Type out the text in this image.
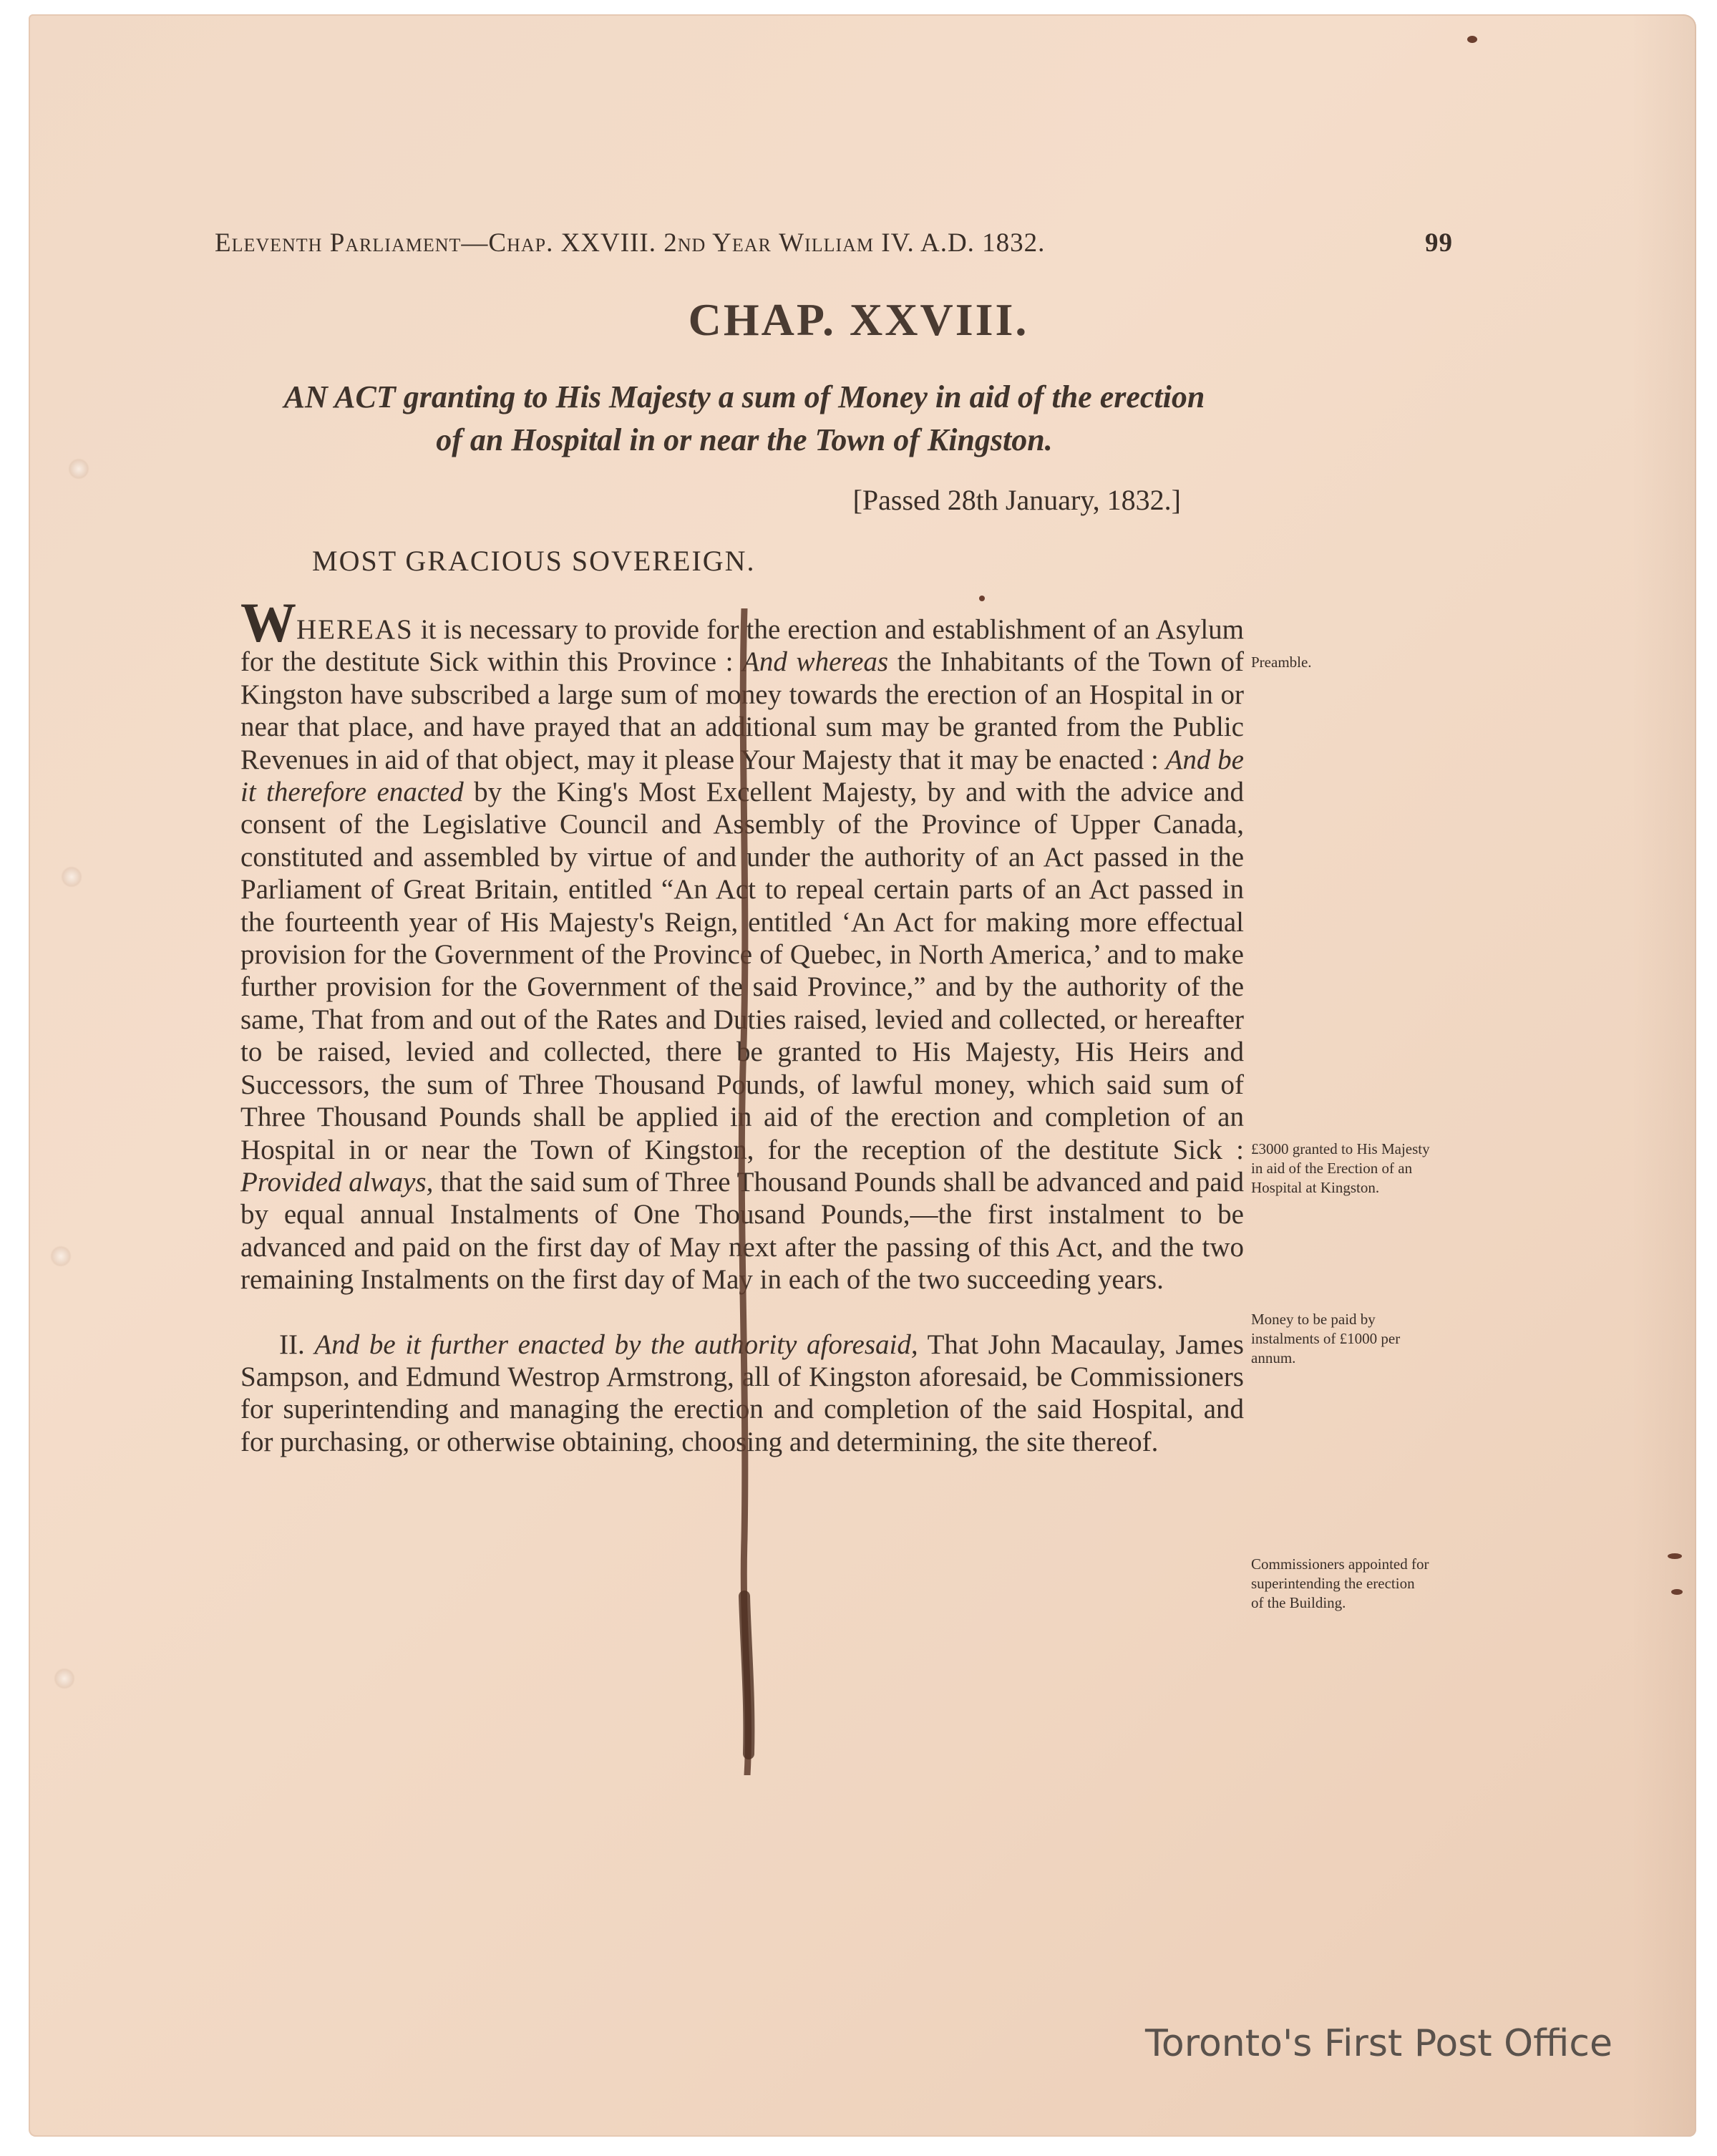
Eleventh Parliament—Chap. XXVIII. 2nd Year William IV. A.D. 1832.	99
CHAP. XXVIII.
AN ACT granting to His Majesty a sum of Money in aid of the erection
of an Hospital in or near the Town of Kingston.
[Passed 28th January, 1832.]
MOST GRACIOUS SOVEREIGN.

WHEREAS it is necessary to provide for the erection and establishment of an Asylum for the destitute Sick within this Province : And whereas the Inhabitants of the Town of Kingston have subscribed a large sum of money towards the erection of an Hospital in or near that place, and have prayed that an additional sum may be granted from the Public Revenues in aid of that object, may it please Your Majesty that it may be enacted : And be it therefore enacted by the King's Most Excellent Majesty, by and with the advice and consent of the Legislative Council and Assembly of the Province of Upper Canada, constituted and assembled by virtue of and under the authority of an Act passed in the Parliament of Great Britain, entitled “An Act to repeal certain parts of an Act passed in the fourteenth year of His Majesty's Reign, entitled ‘An Act for making more effectual provision for the Government of the Province of Quebec, in North America,’ and to make further provision for the Government of the said Province,” and by the authority of the same, That from and out of the Rates and Duties raised, levied and collected, or hereafter to be raised, levied and collected, there be granted to His Majesty, His Heirs and Successors, the sum of Three Thousand Pounds, of lawful money, which said sum of Three Thousand Pounds shall be applied in aid of the erection and completion of an Hospital in or near the Town of Kingston, for the reception of the destitute Sick : Provided always, that the said sum of Three Thousand Pounds shall be advanced and paid by equal annual Instalments of One Thousand Pounds,—the first instalment to be advanced and paid on the first day of May next after the passing of this Act, and the two remaining Instalments on the first day of May in each of the two succeeding years.

II. And be it further enacted by the authority aforesaid, That John Macaulay, James Sampson, and Edmund Westrop Armstrong, all of Kingston aforesaid, be Commissioners for superintending and managing the erection and completion of the said Hospital, and for purchasing, or otherwise obtaining, choosing and determining, the site thereof.

Preamble.
£3000 granted to His Majesty in aid of the Erection of an Hospital at Kingston.
Money to be paid by instalments of £1000 per annum.
Commissioners appointed for superintending the erection of the Building.
Toronto's First Post Office
